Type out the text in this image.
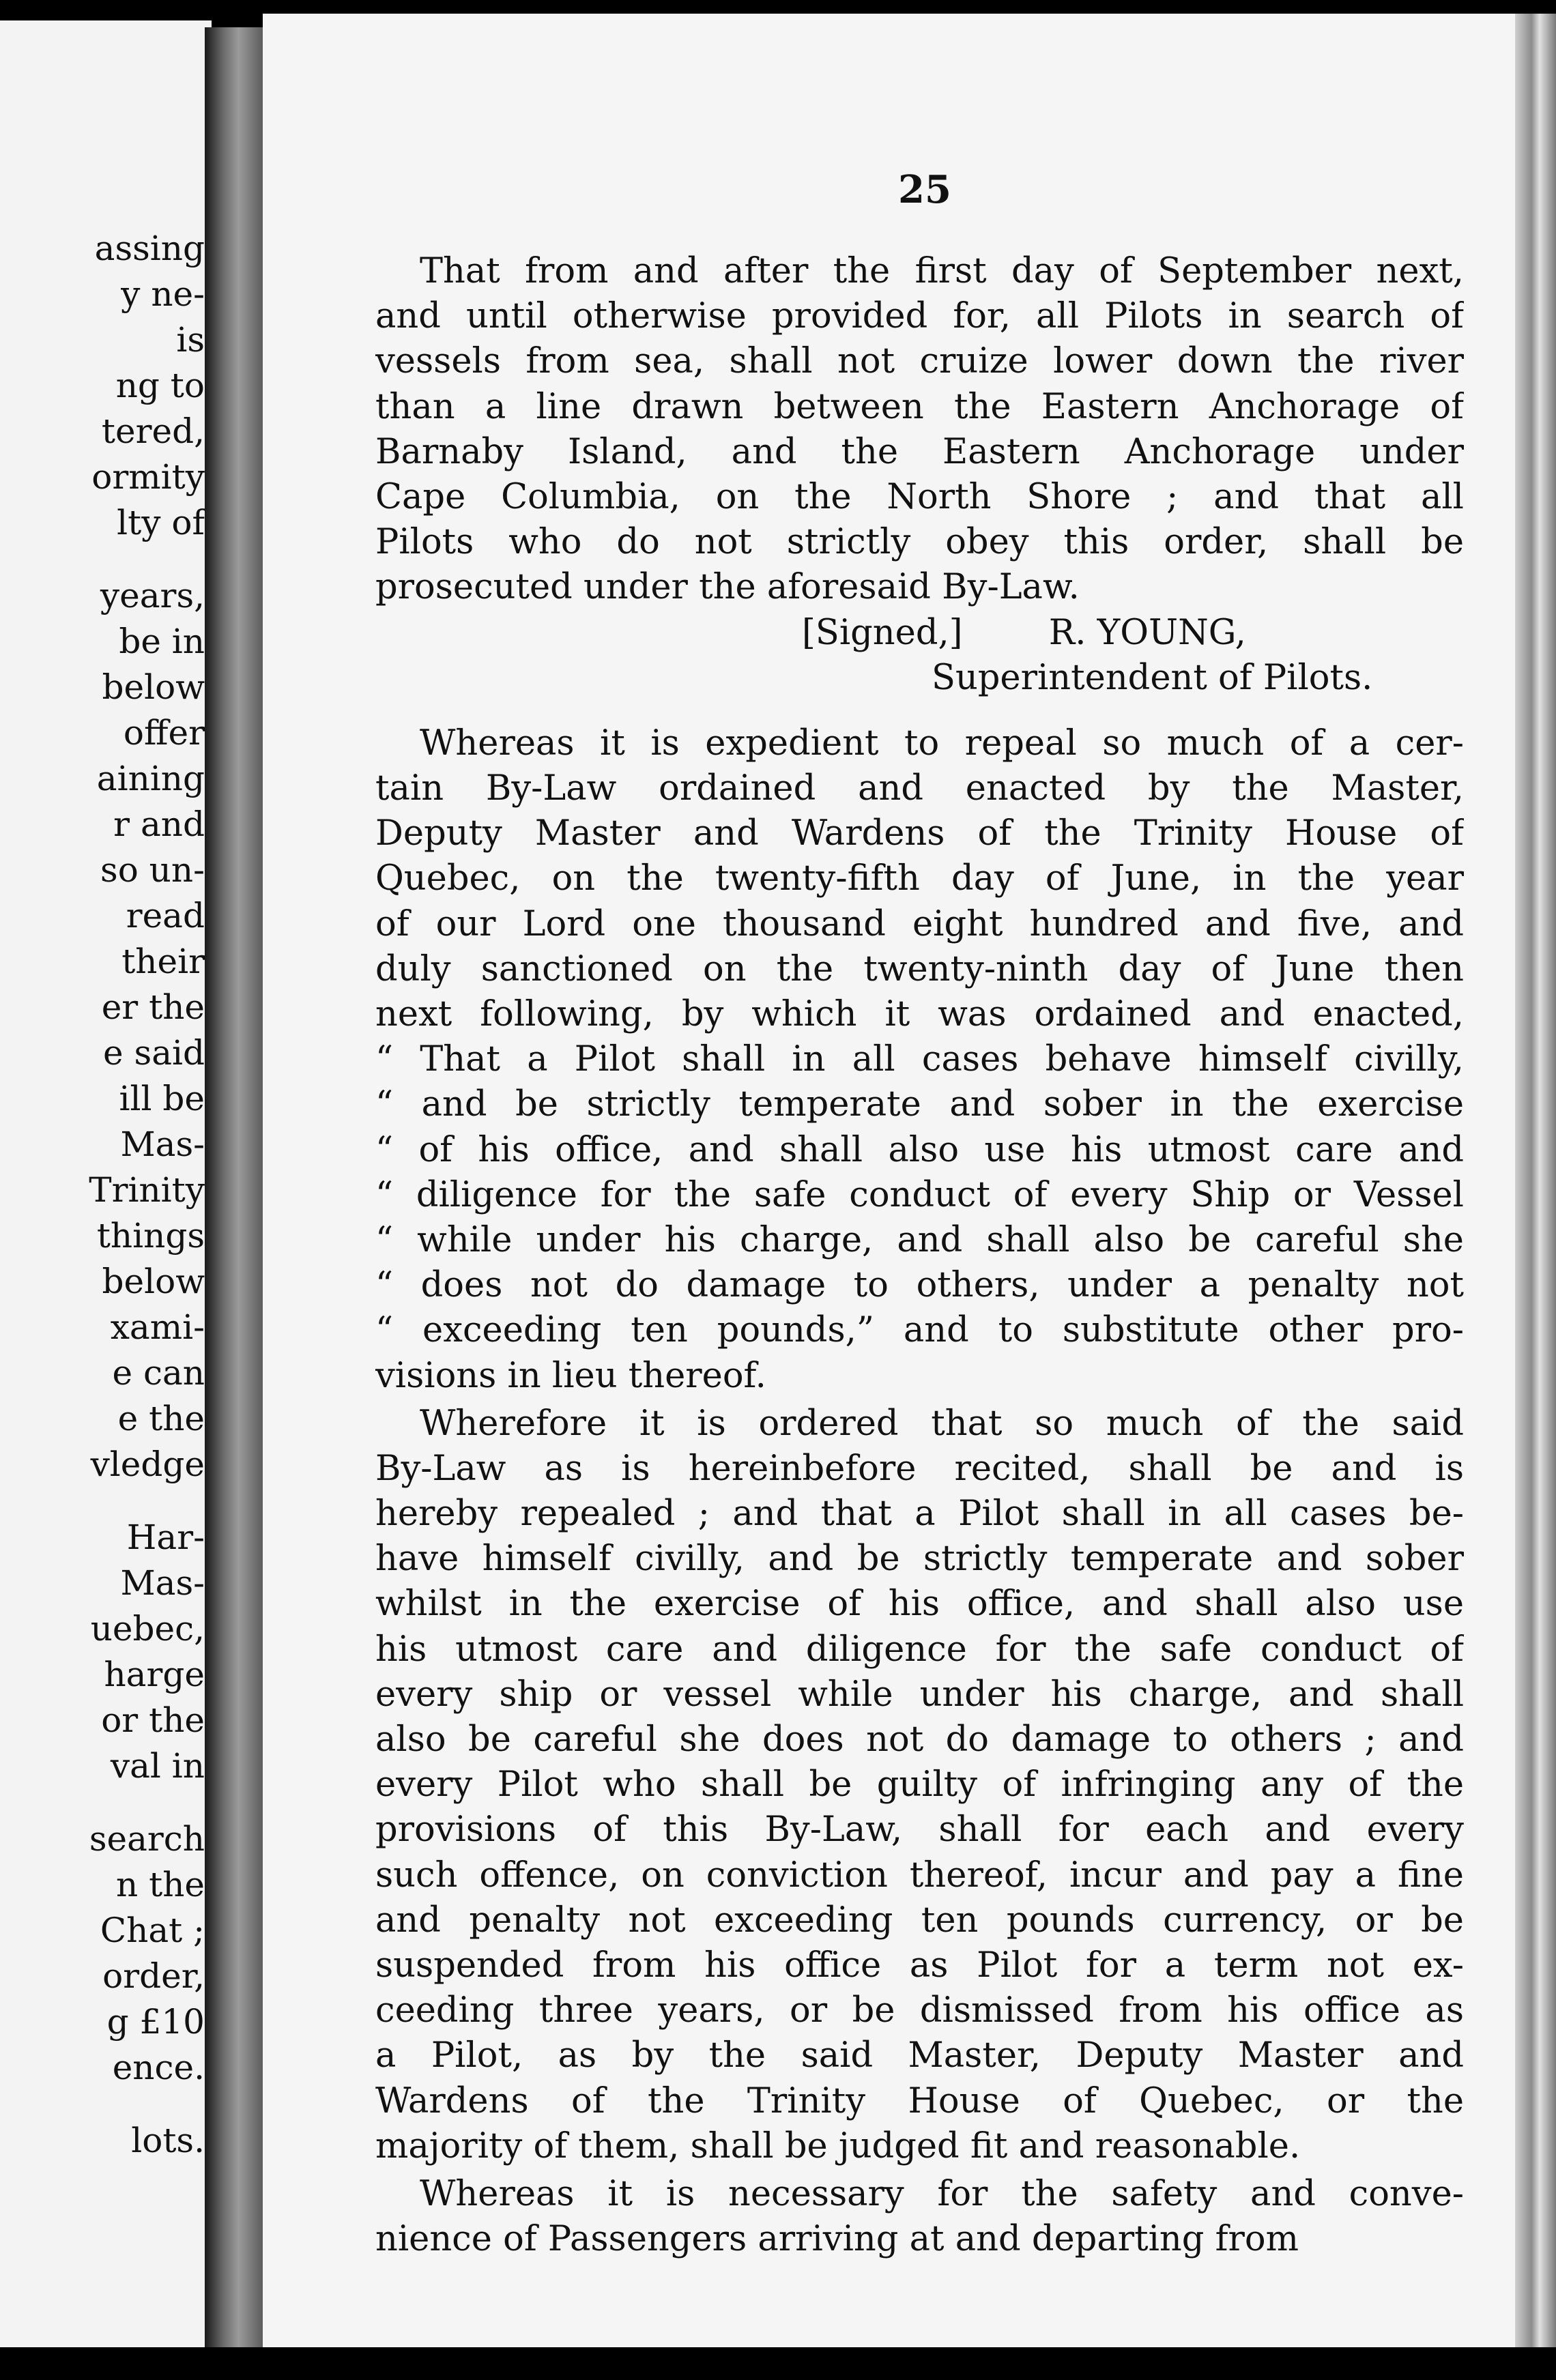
assing
y ne-
is
ng to
tered,
ormity
lty of
years,
be in
below
offer
aining
r and
so un-
read
their
er the
e said
ill be
Mas-
Trinity
things
below
xami-
e can
e the
vledge
Har-
Mas-
uebec,
harge
or the
val in
search
n the
Chat ;
order,
g £10
ence.
lots.
25
That from and after the first day of September next,
and until otherwise provided for, all Pilots in search of
vessels from sea, shall not cruize lower down the river
than a line drawn between the Eastern Anchorage of
Barnaby Island, and the Eastern Anchorage under
Cape Columbia, on the North Shore ; and that all
Pilots who do not strictly obey this order, shall be
prosecuted under the aforesaid By-Law.
[Signed,] R. YOUNG,
Superintendent of Pilots.
Whereas it is expedient to repeal so much of a cer-
tain By-Law ordained and enacted by the Master,
Deputy Master and Wardens of the Trinity House of
Quebec, on the twenty-fifth day of June, in the year
of our Lord one thousand eight hundred and five, and
duly sanctioned on the twenty-ninth day of June then
next following, by which it was ordained and enacted,
“ That a Pilot shall in all cases behave himself civilly,
“ and be strictly temperate and sober in the exercise
“ of his office, and shall also use his utmost care and
“ diligence for the safe conduct of every Ship or Vessel
“ while under his charge, and shall also be careful she
“ does not do damage to others, under a penalty not
“ exceeding ten pounds,” and to substitute other pro-
visions in lieu thereof.
Wherefore it is ordered that so much of the said
By-Law as is hereinbefore recited, shall be and is
hereby repealed ; and that a Pilot shall in all cases be-
have himself civilly, and be strictly temperate and sober
whilst in the exercise of his office, and shall also use
his utmost care and diligence for the safe conduct of
every ship or vessel while under his charge, and shall
also be careful she does not do damage to others ; and
every Pilot who shall be guilty of infringing any of the
provisions of this By-Law, shall for each and every
such offence, on conviction thereof, incur and pay a fine
and penalty not exceeding ten pounds currency, or be
suspended from his office as Pilot for a term not ex-
ceeding three years, or be dismissed from his office as
a Pilot, as by the said Master, Deputy Master and
Wardens of the Trinity House of Quebec, or the
majority of them, shall be judged fit and reasonable.
Whereas it is necessary for the safety and conve-
nience of Passengers arriving at and departing from
